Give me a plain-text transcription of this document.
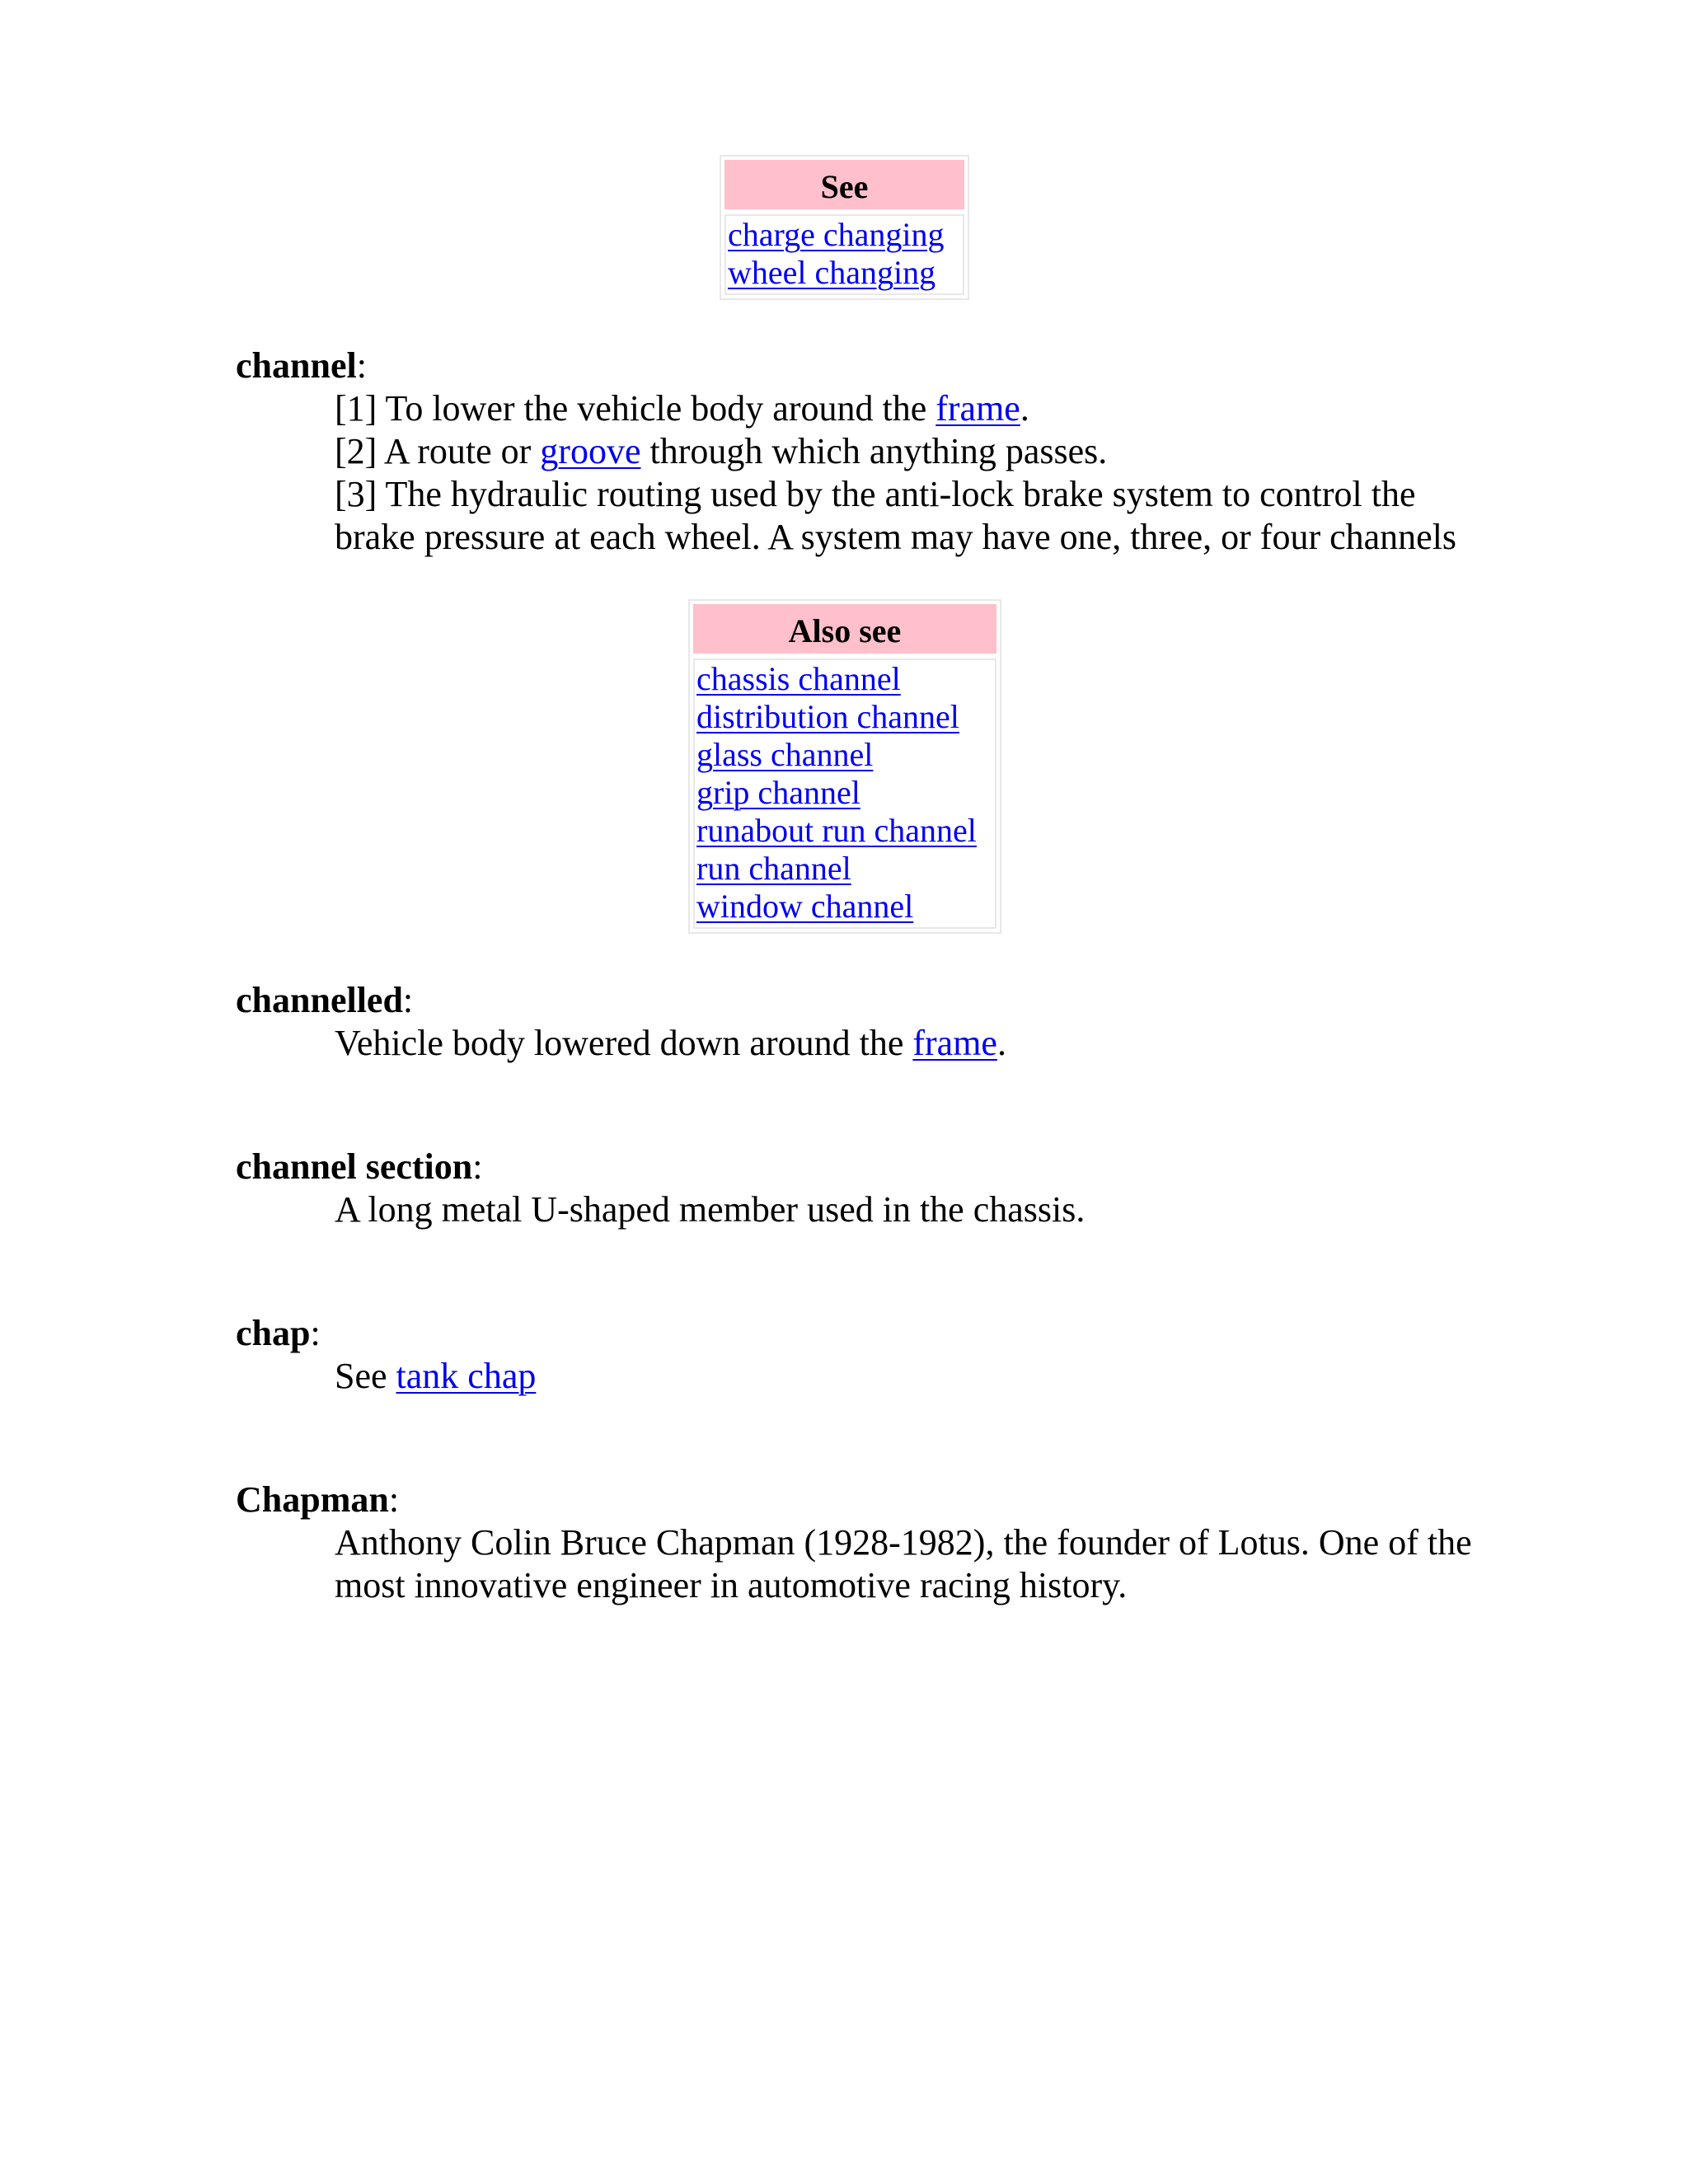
See
charge changing
wheel changing
channel:
[1] To lower the vehicle body around the frame.
[2] A route or groove through which anything passes.
[3] The hydraulic routing used by the anti-lock brake system to control the brake pressure at each wheel. A system may have one, three, or four channels
Also see
chassis channel
distribution channel
glass channel
grip channel
runabout run channel
run channel
window channel
channelled:
Vehicle body lowered down around the frame.
channel section:
A long metal U-shaped member used in the chassis.
chap:
See tank chap
Chapman:
Anthony Colin Bruce Chapman (1928-1982), the founder of Lotus. One of the most innovative engineer in automotive racing history.
